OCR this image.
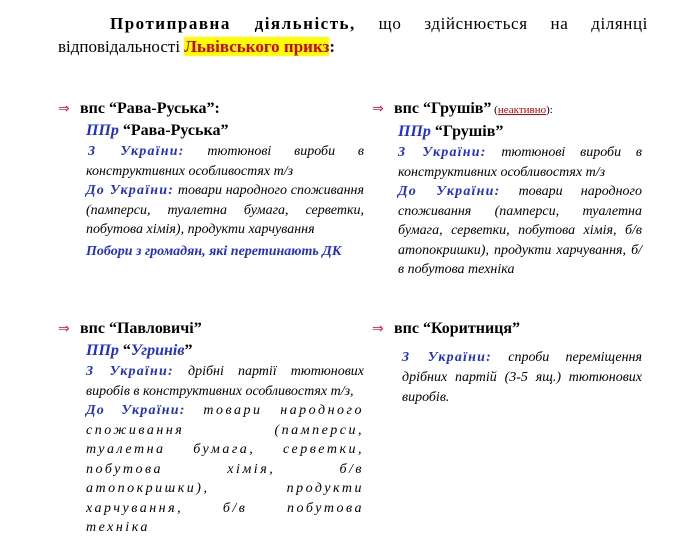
Протиправна діяльність, що здійснюється на ділянці
відповідальності Львівського прикз:
⇒ впс “Рава-Руська”:
ППр “Рава-Руська”
З України: тютюнові вироби в конструктивних особливостях т/з
До України: товари народного споживання (памперси, туалетна бумага, серветки, побутова хімія), продукти харчування
Побори з громадян, які перетинають ДК
⇒ впс “Грушів” (неактивно):
ППр “Грушів”
З України: тютюнові вироби в конструктивних особливостях т/з
До України: товари народного споживання (памперси, туалетна бумага, серветки, побутова хімія, б/в атопокришки), продукти харчування, б/в побутова техніка
⇒ впс “Павловичі”
ППр “Угринів”
З України: дрібні партії тютюнових виробів в конструктивних особливостях т/з,
До України: товари народного споживання (памперси, туалетна бумага, серветки, побутова хімія, б/в атопокришки), продукти харчування, б/в побутова техніка
⇒ впс “Коритниця”
З України: спроби переміщення дрібних партій (3-5 ящ.) тютюнових виробів.
